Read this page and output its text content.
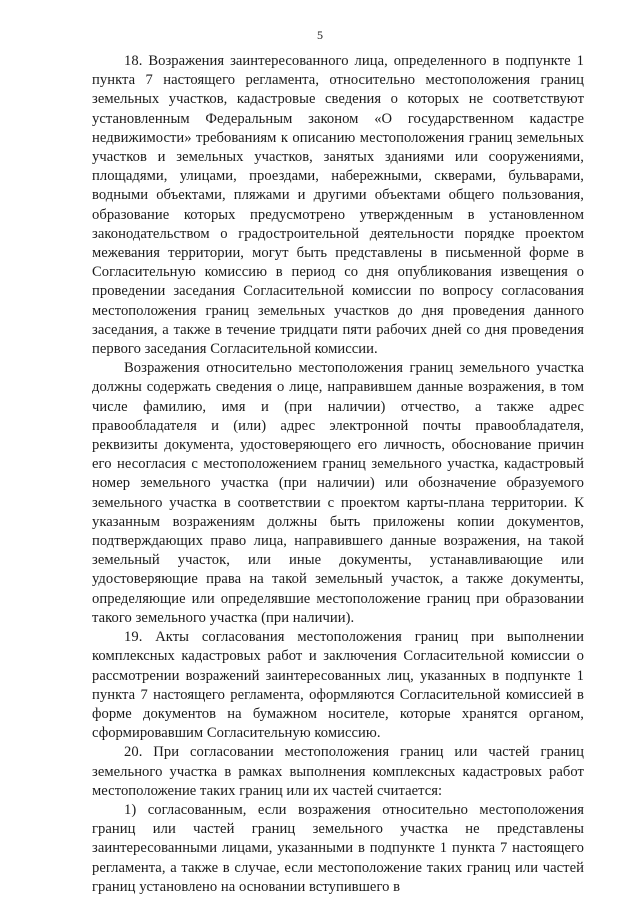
5

18. Возражения заинтересованного лица, определенного в подпункте 1 пункта 7 настоящего регламента, относительно местоположения границ земельных участков, кадастровые сведения о которых не соответствуют установленным Федеральным законом «О государственном кадастре недвижимости» требованиям к описанию местоположения границ земельных участков и земельных участков, занятых зданиями или сооружениями, площадями, улицами, проездами, набережными, скверами, бульварами, водными объектами, пляжами и другими объектами общего пользования, образование которых предусмотрено утвержденным в установленном законодательством о градостроительной деятельности порядке проектом межевания территории, могут быть представлены в письменной форме в Согласительную комиссию в период со дня опубликования извещения о проведении заседания Согласительной комиссии по вопросу согласования местоположения границ земельных участков до дня проведения данного заседания, а также в течение тридцати пяти рабочих дней со дня проведения первого заседания Согласительной комиссии.

Возражения относительно местоположения границ земельного участка должны содержать сведения о лице, направившем данные возражения, в том числе фамилию, имя и (при наличии) отчество, а также адрес правообладателя и (или) адрес электронной почты правообладателя, реквизиты документа, удостоверяющего его личность, обоснование причин его несогласия с местоположением границ земельного участка, кадастровый номер земельного участка (при наличии) или обозначение образуемого земельного участка в соответствии с проектом карты-плана территории. К указанным возражениям должны быть приложены копии документов, подтверждающих право лица, направившего данные возражения, на такой земельный участок, или иные документы, устанавливающие или удостоверяющие права на такой земельный участок, а также документы, определяющие или определявшие местоположение границ при образовании такого земельного участка (при наличии).

19. Акты согласования местоположения границ при выполнении комплексных кадастровых работ и заключения Согласительной комиссии о рассмотрении возражений заинтересованных лиц, указанных в подпункте 1 пункта 7 настоящего регламента, оформляются Согласительной комиссией в форме документов на бумажном носителе, которые хранятся органом, сформировавшим Согласительную комиссию.

20. При согласовании местоположения границ или частей границ земельного участка в рамках выполнения комплексных кадастровых работ местоположение таких границ или их частей считается:

1) согласованным, если возражения относительно местоположения границ или частей границ земельного участка не представлены заинтересованными лицами, указанными в подпункте 1 пункта 7 настоящего регламента, а также в случае, если местоположение таких границ или частей границ установлено на основании вступившего в
